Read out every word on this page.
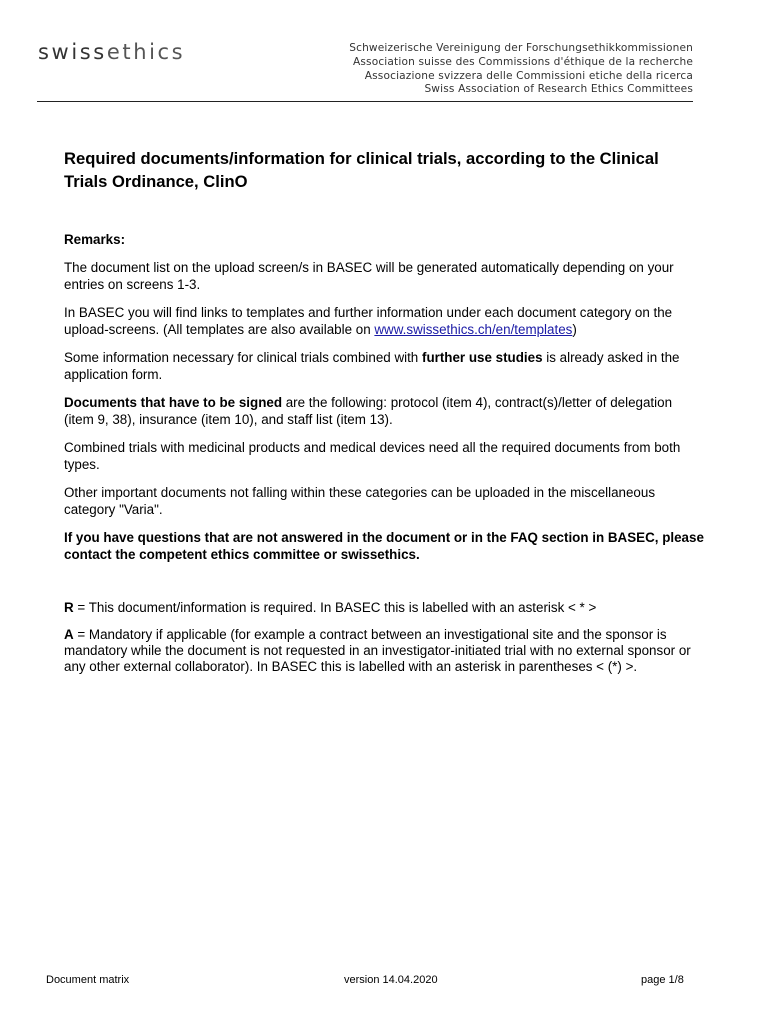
swissethics	Schweizerische Vereinigung der Forschungsethikkommissionen
Association suisse des Commissions d'éthique de la recherche
Associazione svizzera delle Commissioni etiche della ricerca
Swiss Association of Research Ethics Committees
Required documents/information for clinical trials, according to the Clinical Trials Ordinance, ClinO
Remarks:

The document list on the upload screen/s in BASEC will be generated automatically depending on your entries on screens 1-3.

In BASEC you will find links to templates and further information under each document category on the upload-screens. (All templates are also available on www.swissethics.ch/en/templates)

Some information necessary for clinical trials combined with further use studies is already asked in the application form.

Documents that have to be signed are the following: protocol (item 4), contract(s)/letter of delegation (item 9, 38), insurance (item 10), and staff list (item 13).

Combined trials with medicinal products and medical devices need all the required documents from both types.

Other important documents not falling within these categories can be uploaded in the miscellaneous category "Varia".

If you have questions that are not answered in the document or in the FAQ section in BASEC, please contact the competent ethics committee or swissethics.

R = This document/information is required. In BASEC this is labelled with an asterisk < * >

A = Mandatory if applicable (for example a contract between an investigational site and the sponsor is mandatory while the document is not requested in an investigator-initiated trial with no external sponsor or any other external collaborator). In BASEC this is labelled with an asterisk in parentheses < (*) >.

Document matrix	version 14.04.2020	page 1/8
